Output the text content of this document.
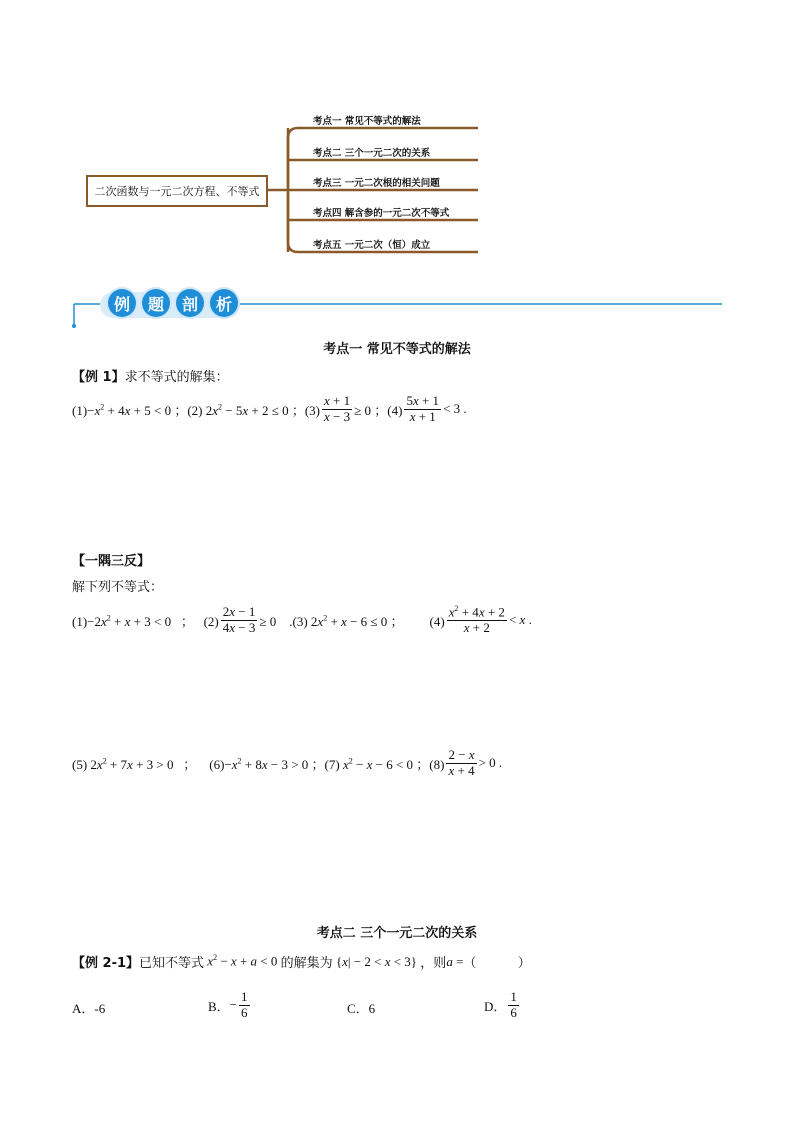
二次函数与一元二次方程、不等式
考点一 常见不等式的解法
考点二 三个一元二次的关系
考点三 一元二次根的相关问题
考点四 解含参的一元二次不等式
考点五 一元二次（恒）成立
例	题	剖	析
考点一 常见不等式的解法
【例 1】求不等式的解集：
$(1)-x^2 + 4x + 5 < 0$ ；(2) $2x^2 - 5x + 2 \le 0$ ；$(3) \frac{x + 1}{x - 3} \ge 0$ ；$(4) \frac{5x + 1}{x + 1} < 3$ .
【一隅三反】
解下列不等式：
$(1)-2x^2 + x + 3 < 0$   ；   $(2) \frac{2x - 1}{4x - 3} \ge 0$    .(3) $2x^2 + x - 6 \le 0$ ；        $(4) \frac{x^2 + 4x + 2}{x + 2} < x$ .
(5) $2x^2 + 7x + 3 > 0$   ；    $(6)-x^2 + 8x - 3 > 0$ ；(7) $x^2 - x - 6 < 0$ ；$(8) \frac{2 - x}{x + 4} > 0$ .
考点二 三个一元二次的关系
【例 2-1】 已知不等式 $x^2 - x + a < 0$ 的解集为 {x| − 2 < x < 3} ，则 a = （          ）
A．-6	B． − $\frac{1}{6}$	C．6	D． $\frac{1}{6}$
